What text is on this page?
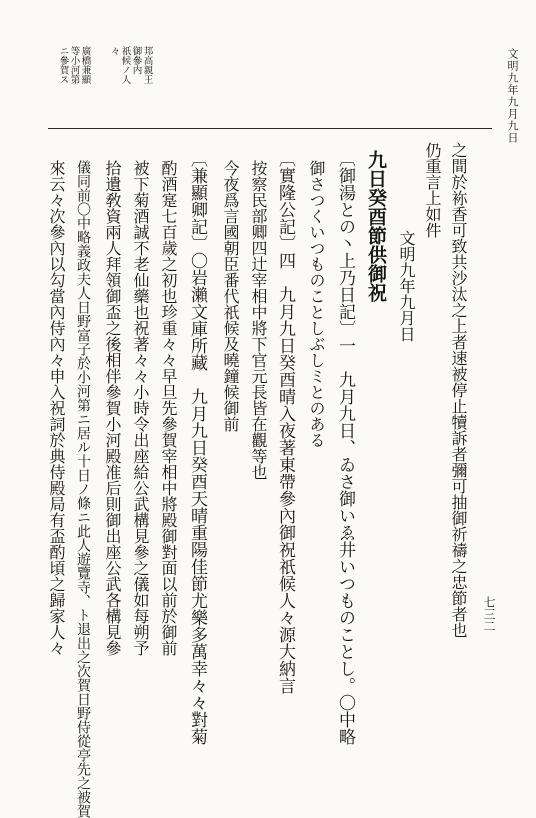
文明九年九月九日
七三二
邦高親王
御參内
祇候ノ人
々
廣橋兼顯
等小河第
ニ參賀ス
之間於袮香可致共沙汰之上者速被停止犢訴者彌可抽御祈禱之忠節者也
仍重言上如件
文明九年九月日
九日癸酉節供御祝
〔御湯との丶上乃日記〕一　九月九日、ゐさ御いゑ井いつものことし。〇中略
御さつくいつものことしぶしミとのある
〔實隆公記〕四　九月九日癸酉晴入夜著東帶參內御祝祇候人々源大納言
按察民部卿四辻宰相中將下官元長皆在觀等也
今夜爲言國朝臣番代祇候及曉鐘候御前
〔兼顯卿記〕〇岩瀨文庫所藏　九月九日癸酉天晴重陽佳節尤樂多萬幸々々對菊
酌酒寔七百歲之初也珍重々々早旦先參賀宰相中將殿御對面以前於御前
被下菊酒誠不老仙藥也祝著々々小時令出座給公武構見參之儀如每朔予
拾遺敎資兩人拜領御盃之後相伴參賀小河殿准后則御出座公武各構見參
儀同前〇中略義政夫人日野富子於小河第ニ居ル十日ノ條ニ此人遊覽寺、ト退出之次賀日野侍從亭先之被賀
來云々次參內以勾當內侍內々申入祝詞於典侍殿局有盃酌頃之歸家人々
